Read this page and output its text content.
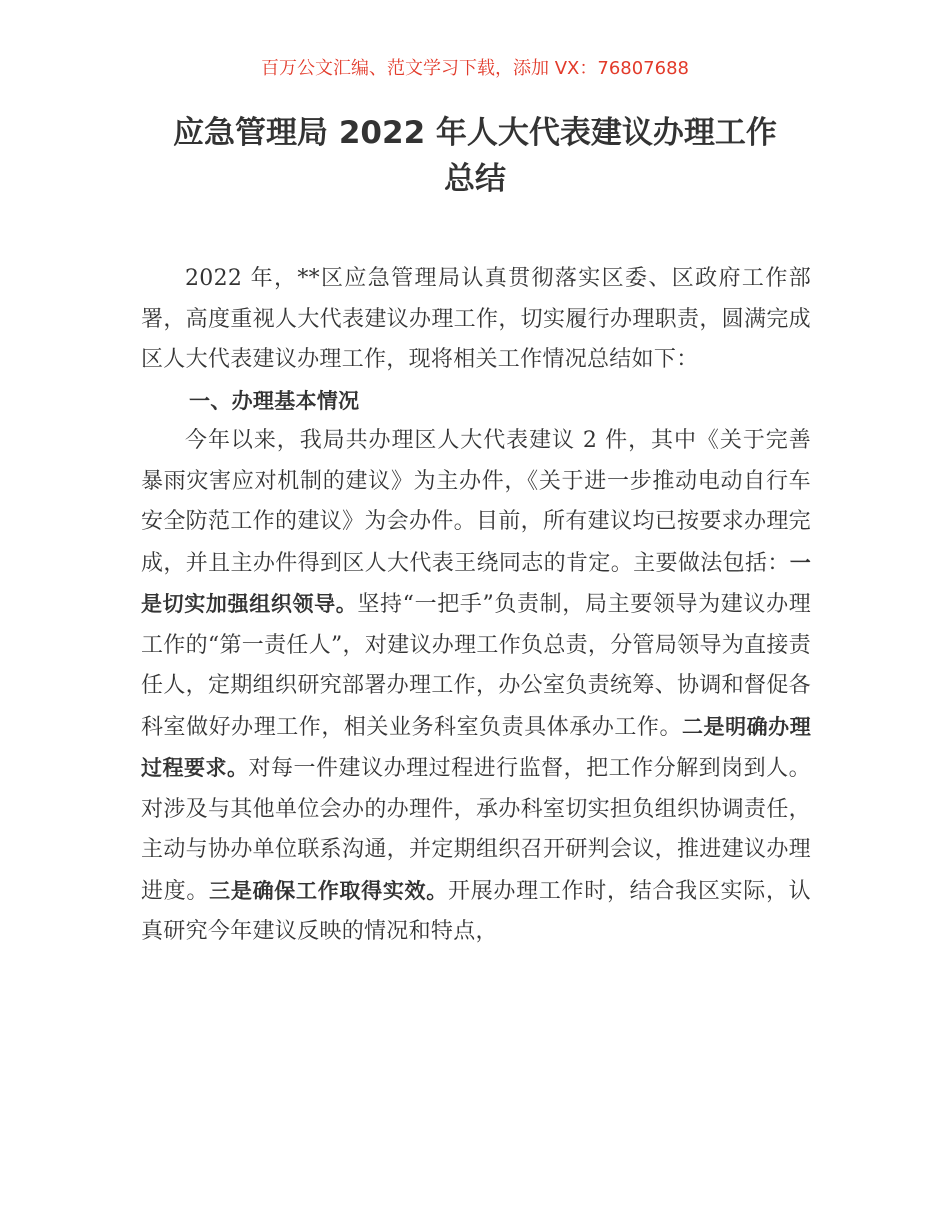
百万公文汇编、范文学习下载，添加 VX：76807688
应急管理局 2022 年人大代表建议办理工作
总结

2022 年，**区应急管理局认真贯彻落实区委、区政府工作部署，高度重视人大代表建议办理工作，切实履行办理职责，圆满完成区人大代表建议办理工作，现将相关工作情况总结如下：

一、办理基本情况

今年以来，我局共办理区人大代表建议 2 件，其中《关于完善暴雨灾害应对机制的建议》为主办件，《关于进一步推动电动自行车安全防范工作的建议》为会办件。目前，所有建议均已按要求办理完成，并且主办件得到区人大代表王绕同志的肯定。主要做法包括：一是切实加强组织领导。坚持“一把手”负责制，局主要领导为建议办理工作的“第一责任人”，对建议办理工作负总责，分管局领导为直接责任人，定期组织研究部署办理工作，办公室负责统筹、协调和督促各科室做好办理工作，相关业务科室负责具体承办工作。二是明确办理过程要求。对每一件建议办理过程进行监督，把工作分解到岗到人。对涉及与其他单位会办的办理件，承办科室切实担负组织协调责任，主动与协办单位联系沟通，并定期组织召开研判会议，推进建议办理进度。三是确保工作取得实效。开展办理工作时，结合我区实际，认真研究今年建议反映的情况和特点，
